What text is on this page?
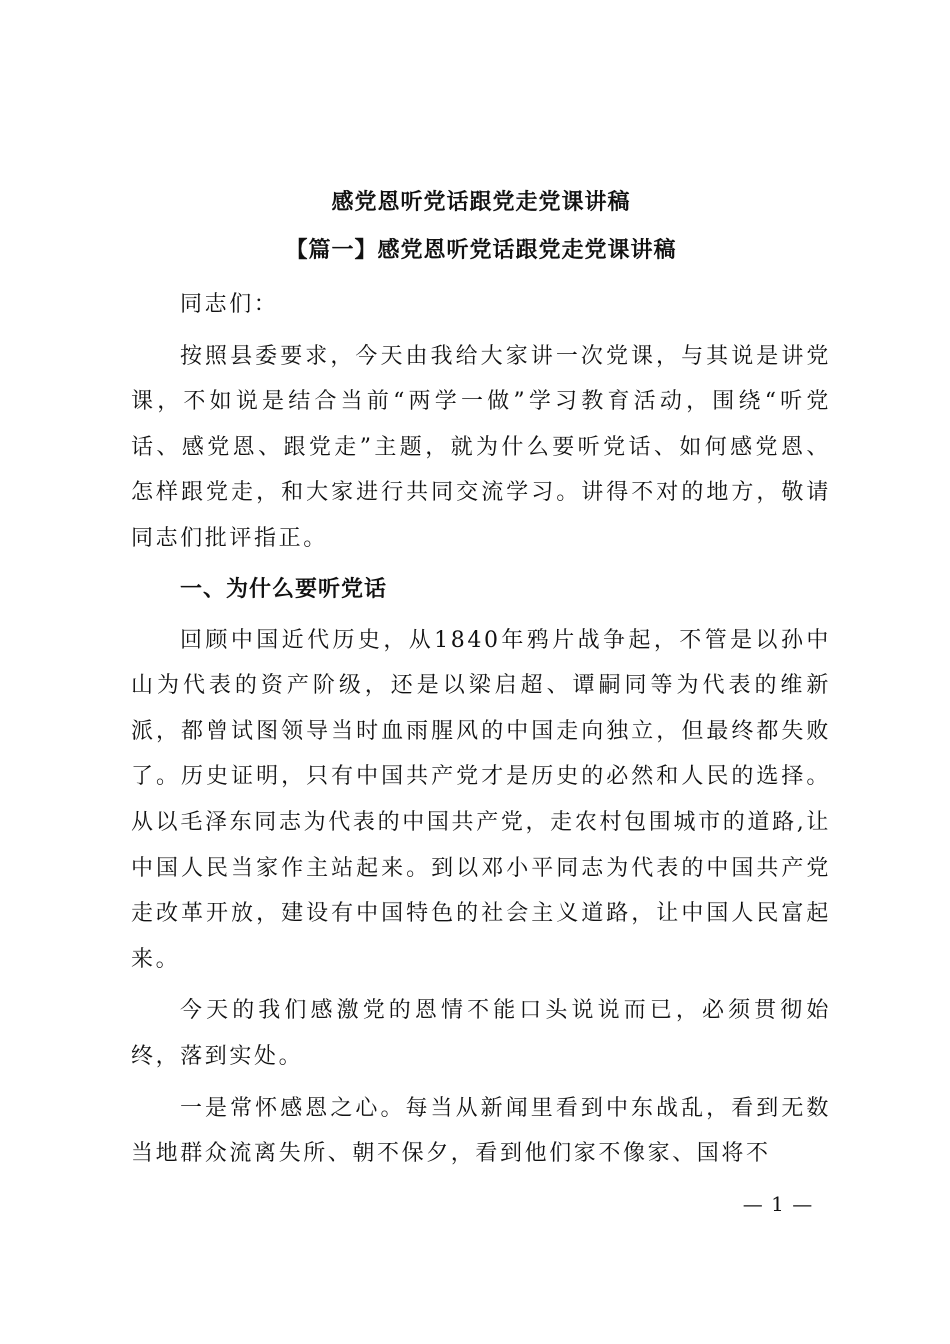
感党恩听党话跟党走党课讲稿
【篇一】感党恩听党话跟党走党课讲稿

同志们：

按照县委要求，今天由我给大家讲一次党课，与其说是讲党课，不如说是结合当前“两学一做”学习教育活动，围绕“听党话、感党恩、跟党走”主题，就为什么要听党话、如何感党恩、怎样跟党走，和大家进行共同交流学习。讲得不对的地方，敬请同志们批评指正。

一、为什么要听党话

回顾中国近代历史，从1840年鸦片战争起，不管是以孙中山为代表的资产阶级，还是以梁启超、谭嗣同等为代表的维新派，都曾试图领导当时血雨腥风的中国走向独立，但最终都失败了。历史证明，只有中国共产党才是历史的必然和人民的选择。从以毛泽东同志为代表的中国共产党，走农村包围城市的道路,让中国人民当家作主站起来。到以邓小平同志为代表的中国共产党走改革开放，建设有中国特色的社会主义道路，让中国人民富起来。

今天的我们感激党的恩情不能口头说说而已，必须贯彻始终，落到实处。

一是常怀感恩之心。每当从新闻里看到中东战乱，看到无数当地群众流离失所、朝不保夕，看到他们家不像家、国将不

— 1 —
